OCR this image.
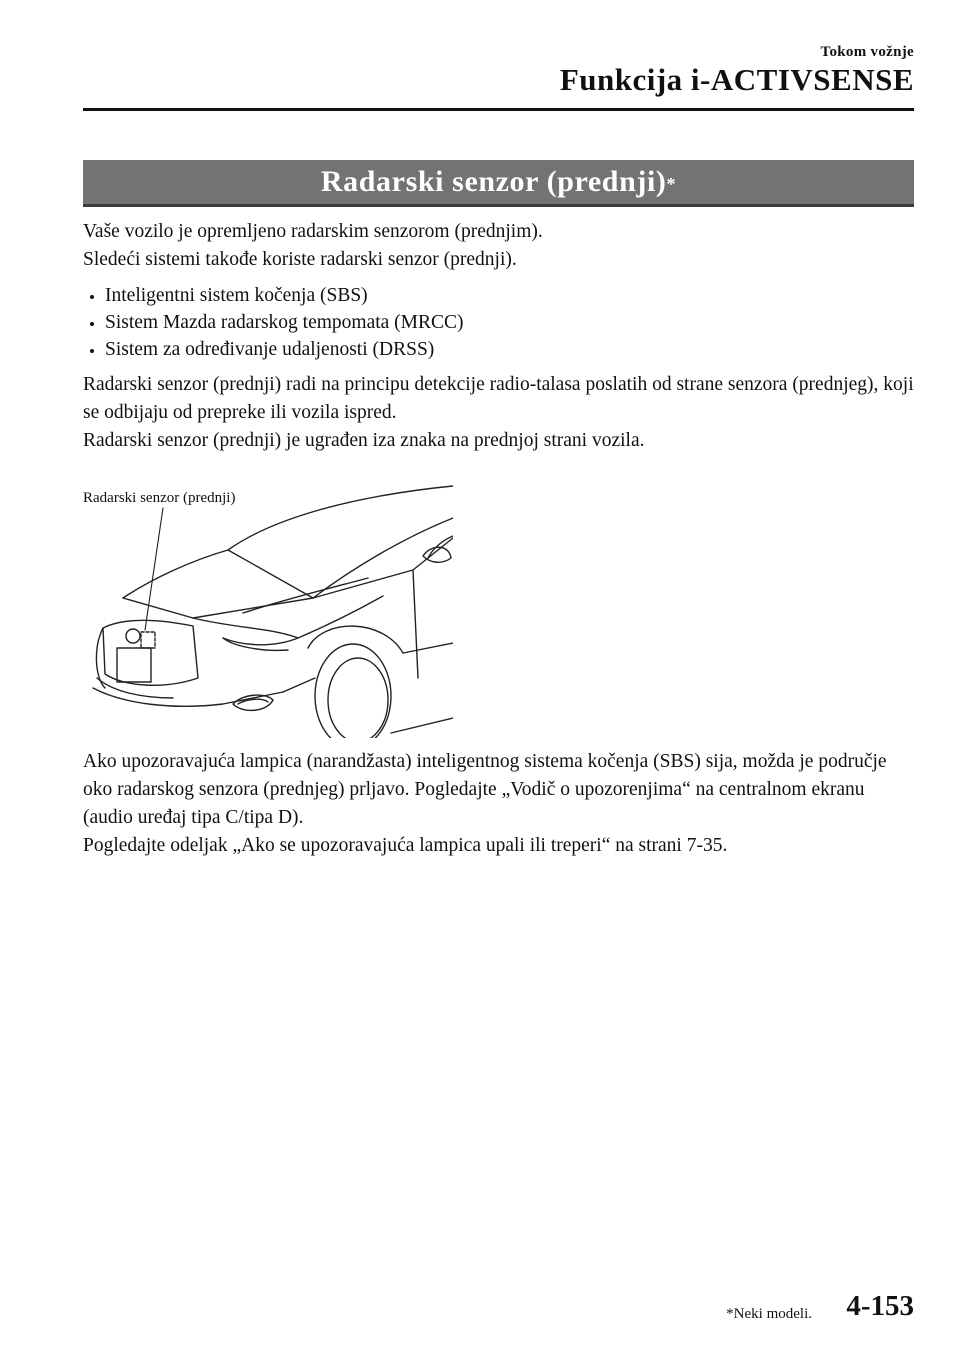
Tokom vožnje
Funkcija i-ACTIVSENSE
Radarski senzor (prednji)*

Vaše vozilo je opremljeno radarskim senzorom (prednjim).

Sledeći sistemi takođe koriste radarski senzor (prednji).

Inteligentni sistem kočenja (SBS)
Sistem Mazda radarskog tempomata (MRCC)
Sistem za određivanje udaljenosti (DRSS)

Radarski senzor (prednji) radi na principu detekcije radio-talasa poslatih od strane senzora (prednjeg), koji se odbijaju od prepreke ili vozila ispred.

Radarski senzor (prednji) je ugrađen iza znaka na prednjoj strani vozila.

Radarski senzor (prednji)

Ako upozoravajuća lampica (narandžasta) inteligentnog sistema kočenja (SBS) sija, možda je područje oko radarskog senzora (prednjeg) prljavo. Pogledajte „Vodič o upozorenjima“ na centralnom ekranu (audio uređaj tipa C/tipa D).

Pogledajte odeljak „Ako se upozoravajuća lampica upali ili treperi“ na strani 7-35.

*Neki modeli. 4-153
